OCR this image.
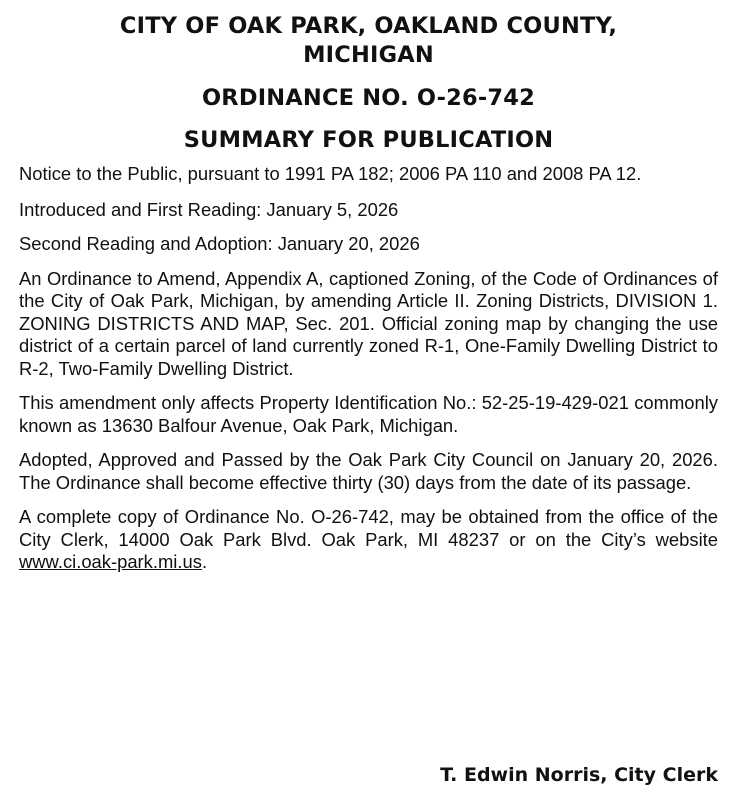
CITY OF OAK PARK, OAKLAND COUNTY,
MICHIGAN
ORDINANCE NO. O-26-742
SUMMARY FOR PUBLICATION

Notice to the Public, pursuant to 1991 PA 182; 2006 PA 110 and 2008 PA 12.

Introduced and First Reading: January 5, 2026

Second Reading and Adoption: January 20, 2026

An Ordinance to Amend, Appendix A, captioned Zoning, of the Code of Ordinances of the City of Oak Park, Michigan, by amending Article II. Zoning Districts, DIVISION 1. ZONING DISTRICTS AND MAP, Sec. 201. Official zoning map by changing the use district of a certain parcel of land currently zoned R-1, One-Family Dwelling District to R-2, Two-Family Dwelling District.

This amendment only affects Property Identification No.: 52-25-19-429-021 commonly known as 13630 Balfour Avenue, Oak Park, Michigan.

Adopted, Approved and Passed by the Oak Park City Council on January 20, 2026. The Ordinance shall become effective thirty (30) days from the date of its passage.

A complete copy of Ordinance No. O-26-742, may be obtained from the office of the City Clerk, 14000 Oak Park Blvd. Oak Park, MI 48237 or on the City’s website www.ci.oak-park.mi.us.

T. Edwin Norris, City Clerk
